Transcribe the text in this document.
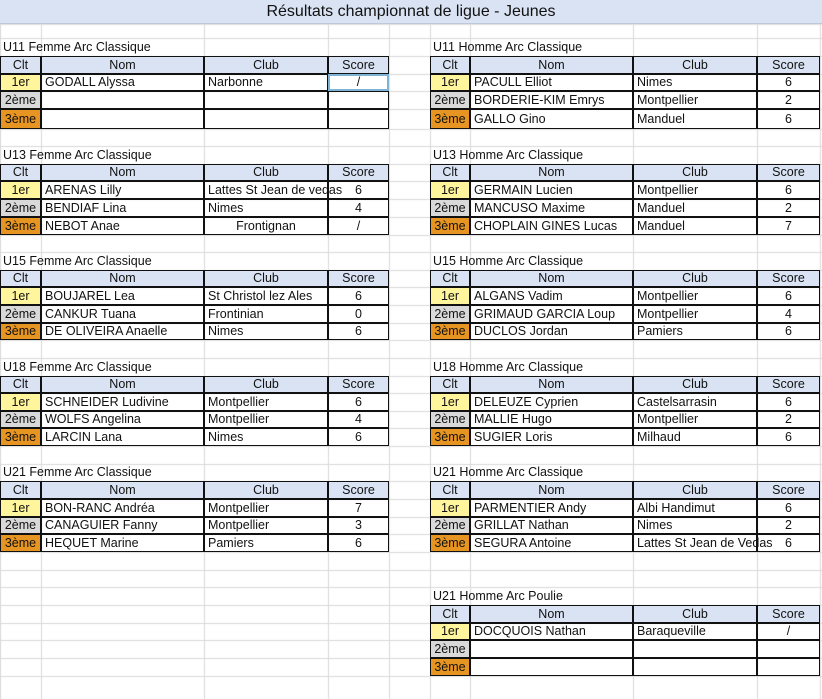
Résultats championnat de ligue - Jeunes
U11 Femme Arc Classique
Clt	Nom	Club	Score
1er	GODALL Alyssa	Narbonne	/
2ème
3ème
U11 Homme Arc Classique
Clt	Nom	Club	Score
1er	PACULL Elliot	Nimes	6
2ème BORDERIE-KIM Emrys	Montpellier	2
3ème GALLO Gino	Manduel	6
U13 Femme Arc Classique
Clt	Nom	Club	Score
1er	ARENAS Lilly	Lattes St Jean de vedas	6
2ème BENDIAF Lina	Nimes	4
3ème NEBOT Anae	Frontignan	/
U13 Homme Arc Classique
Clt	Nom	Club	Score
1er	GERMAIN Lucien	Montpellier	6
2ème MANCUSO Maxime	Manduel	2
3ème CHOPLAIN GINES Lucas	Manduel	7
U15 Femme Arc Classique
Clt	Nom	Club	Score
1er	BOUJAREL Lea	St Christol lez Ales	6
2ème CANKUR Tuana	Frontinian	0
3ème DE OLIVEIRA Anaelle	Nimes	6
U15 Homme Arc Classique
Clt	Nom	Club	Score
1er	ALGANS Vadim	Montpellier	6
2ème GRIMAUD GARCIA Loup	Montpellier	4
3ème DUCLOS Jordan	Pamiers	6
U18 Femme Arc Classique
Clt	Nom	Club	Score
1er	SCHNEIDER Ludivine	Montpellier	6
2ème WOLFS Angelina	Montpellier	4
3ème LARCIN Lana	Nimes	6
U18 Homme Arc Classique
Clt	Nom	Club	Score
1er	DELEUZE Cyprien	Castelsarrasin	6
2ème MALLIE Hugo	Montpellier	2
3ème SUGIER Loris	Milhaud	6
U21 Femme Arc Classique
Clt	Nom	Club	Score
1er	BON-RANC Andréa	Montpellier	7
2ème CANAGUIER Fanny	Montpellier	3
3ème HEQUET Marine	Pamiers	6
U21 Homme Arc Classique
Clt	Nom	Club	Score
1er	PARMENTIER Andy	Albi Handimut	6
2ème GRILLAT Nathan	Nimes	2
3ème SEGURA Antoine	Lattes St Jean de Vedas 6
U21 Homme Arc Poulie
Clt	Nom	Club	Score
1er	DOCQUOIS Nathan	Baraqueville	/
2ème
3ème
